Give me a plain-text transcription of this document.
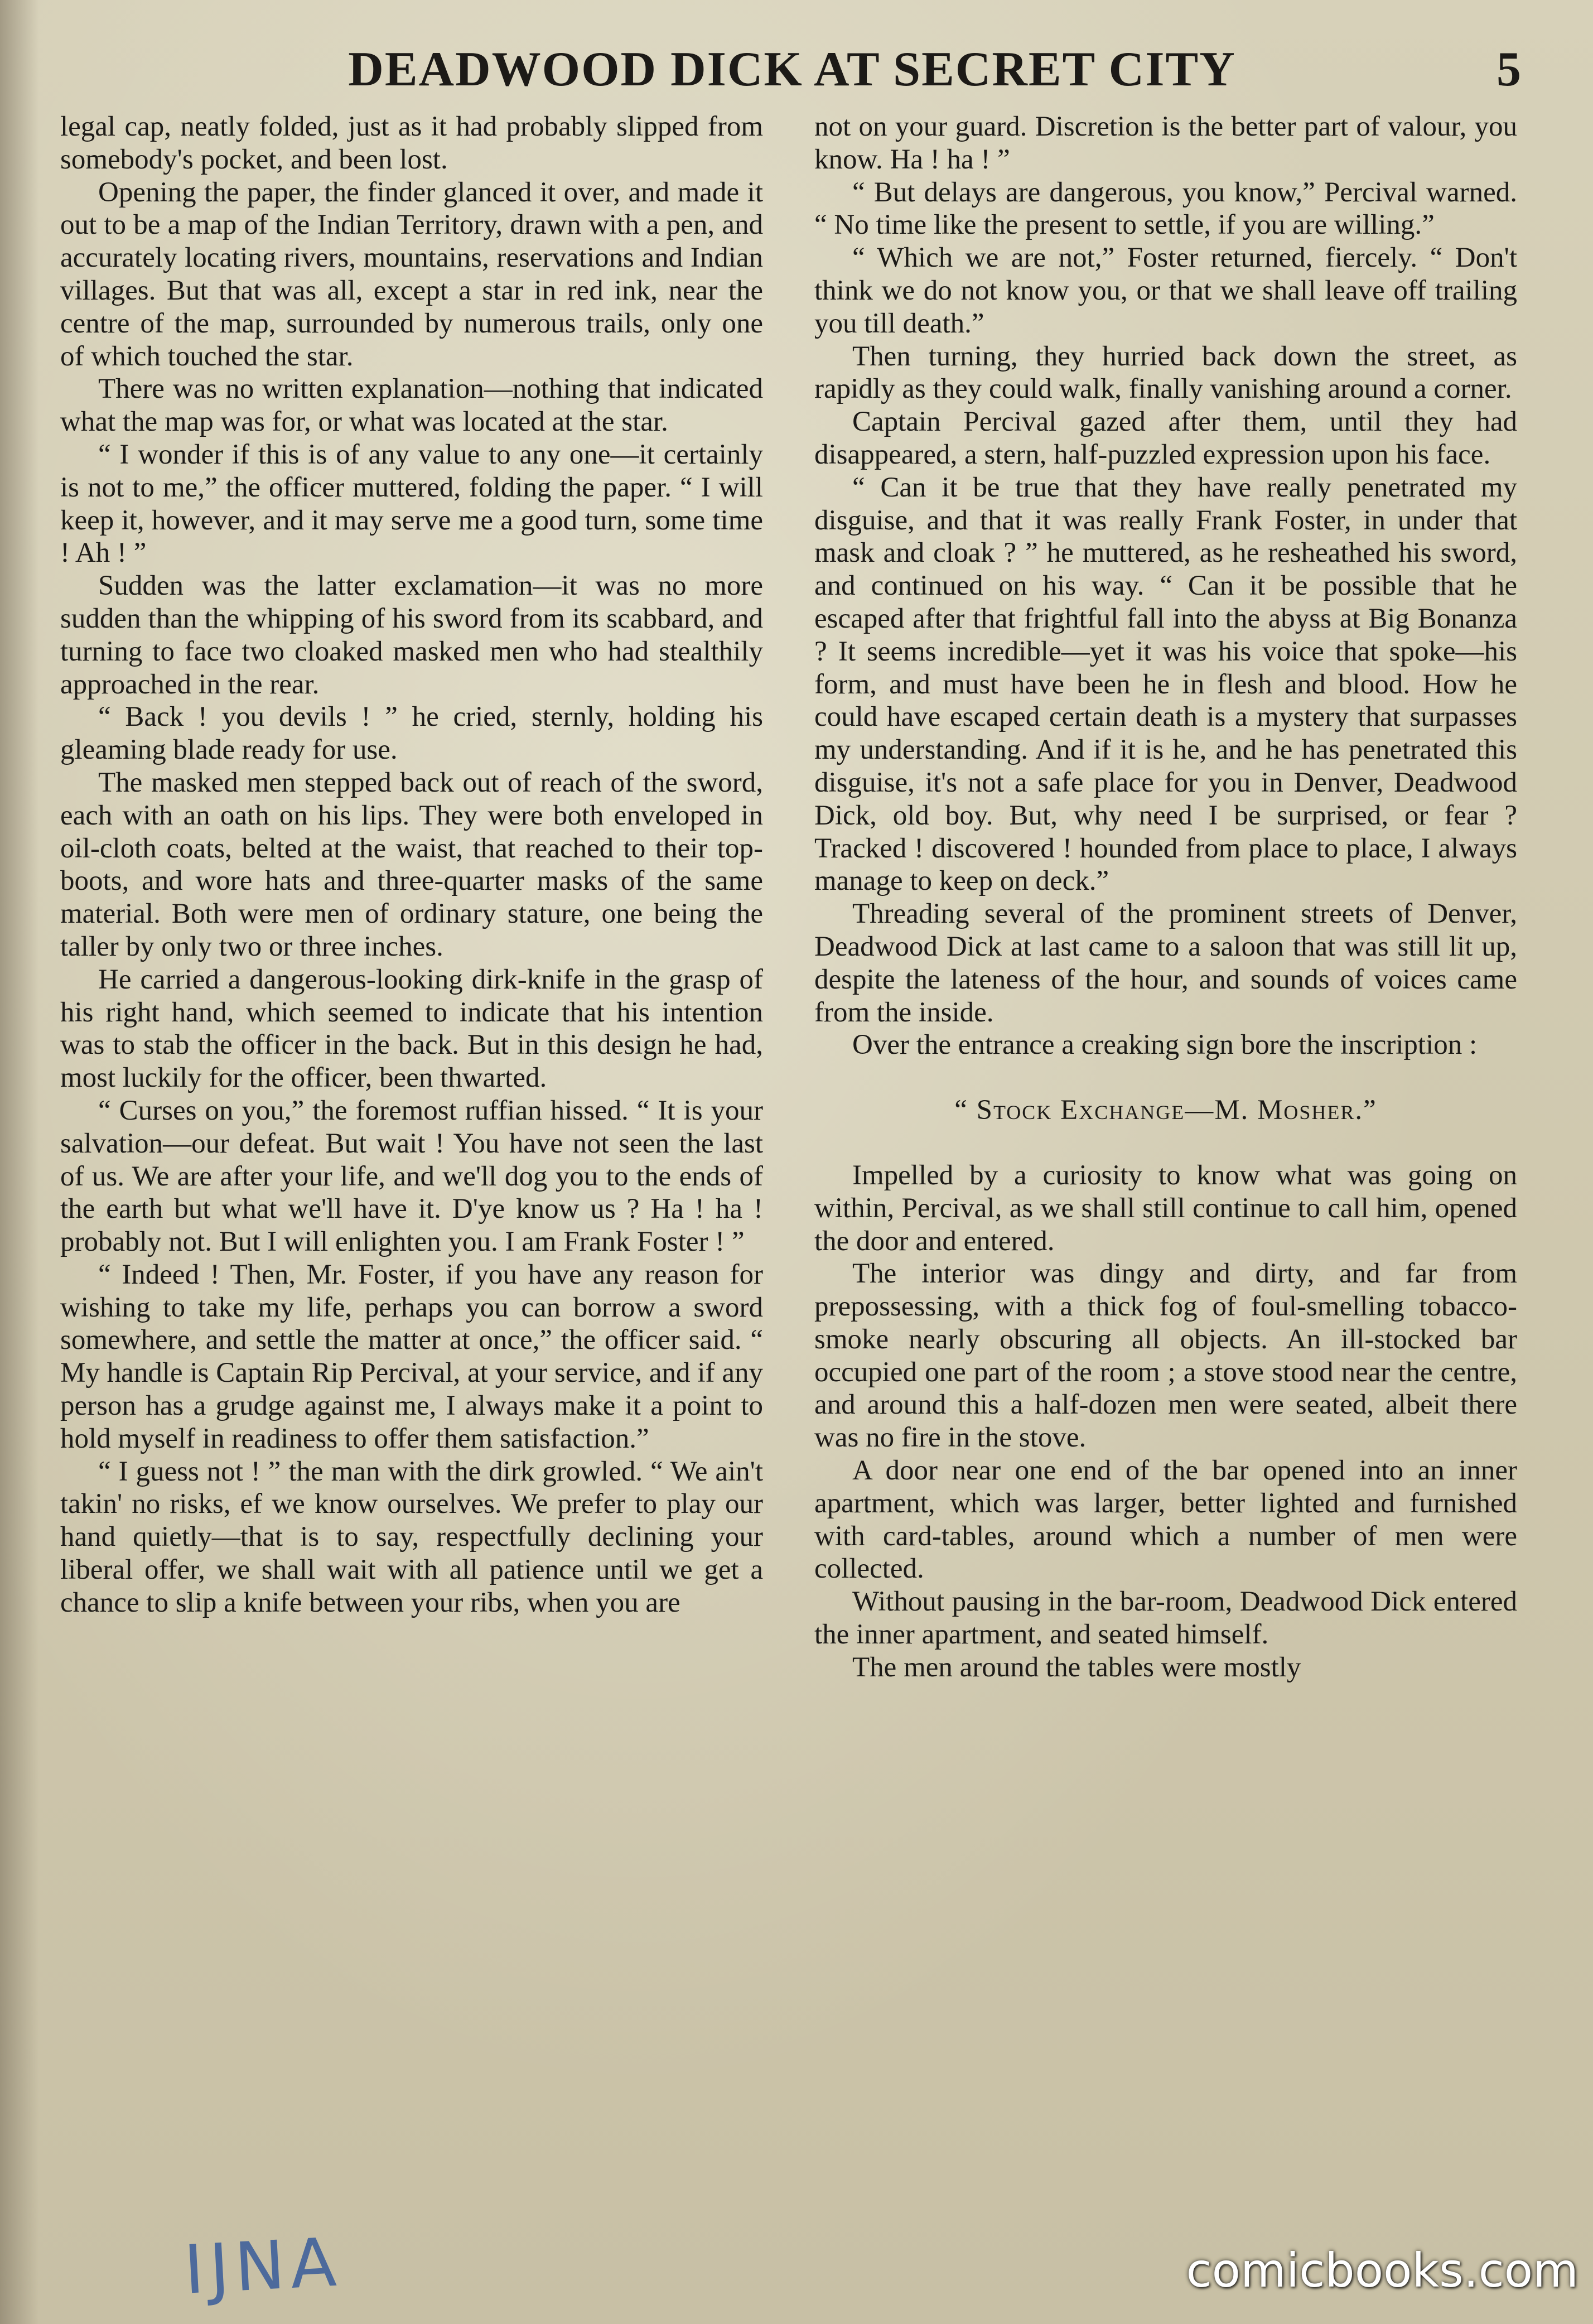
DEADWOOD DICK AT SECRET CITY	5

legal cap, neatly folded, just as it had probably slipped from somebody's pocket, and been lost.

Opening the paper, the finder glanced it over, and made it out to be a map of the Indian Territory, drawn with a pen, and accurately locating rivers, mountains, reservations and Indian villages. But that was all, except a star in red ink, near the centre of the map, surrounded by numerous trails, only one of which touched the star.

There was no written explanation—nothing that indicated what the map was for, or what was located at the star.

“ I wonder if this is of any value to any one—it certainly is not to me,” the officer muttered, folding the paper. “ I will keep it, however, and it may serve me a good turn, some time ! Ah ! ”

Sudden was the latter exclamation—it was no more sudden than the whipping of his sword from its scabbard, and turning to face two cloaked masked men who had stealthily approached in the rear.

“ Back ! you devils ! ” he cried, sternly, holding his gleaming blade ready for use.

The masked men stepped back out of reach of the sword, each with an oath on his lips. They were both enveloped in oil-cloth coats, belted at the waist, that reached to their top-boots, and wore hats and three-quarter masks of the same material. Both were men of ordinary stature, one being the taller by only two or three inches.

He carried a dangerous-looking dirk-knife in the grasp of his right hand, which seemed to indicate that his intention was to stab the officer in the back. But in this design he had, most luckily for the officer, been thwarted.

“ Curses on you,” the foremost ruffian hissed. “ It is your salvation—our defeat. But wait ! You have not seen the last of us. We are after your life, and we'll dog you to the ends of the earth but what we'll have it. D'ye know us ? Ha ! ha ! probably not. But I will enlighten you. I am Frank Foster ! ”

“ Indeed ! Then, Mr. Foster, if you have any reason for wishing to take my life, perhaps you can borrow a sword somewhere, and settle the matter at once,” the officer said. “ My handle is Captain Rip Percival, at your service, and if any person has a grudge against me, I always make it a point to hold myself in readiness to offer them satisfaction.”

“ I guess not ! ” the man with the dirk growled. “ We ain't takin' no risks, ef we know ourselves. We prefer to play our hand quietly—that is to say, respectfully declining your liberal offer, we shall wait with all patience until we get a chance to slip a knife between your ribs, when you are

not on your guard. Discretion is the better part of valour, you know. Ha ! ha ! ”

“ But delays are dangerous, you know,” Percival warned. “ No time like the present to settle, if you are willing.”

“ Which we are not,” Foster returned, fiercely. “ Don't think we do not know you, or that we shall leave off trailing you till death.”

Then turning, they hurried back down the street, as rapidly as they could walk, finally vanishing around a corner.

Captain Percival gazed after them, until they had disappeared, a stern, half-puzzled expression upon his face.

“ Can it be true that they have really penetrated my disguise, and that it was really Frank Foster, in under that mask and cloak ? ” he muttered, as he resheathed his sword, and continued on his way. “ Can it be possible that he escaped after that frightful fall into the abyss at Big Bonanza ? It seems incredible—yet it was his voice that spoke—his form, and must have been he in flesh and blood. How he could have escaped certain death is a mystery that surpasses my understanding. And if it is he, and he has penetrated this disguise, it's not a safe place for you in Denver, Deadwood Dick, old boy. But, why need I be surprised, or fear ? Tracked ! discovered ! hounded from place to place, I always manage to keep on deck.”

Threading several of the prominent streets of Denver, Deadwood Dick at last came to a saloon that was still lit up, despite the lateness of the hour, and sounds of voices came from the inside.

Over the entrance a creaking sign bore the inscription :

“ Stock Exchange—M. Mosher.”

Impelled by a curiosity to know what was going on within, Percival, as we shall still continue to call him, opened the door and entered.

The interior was dingy and dirty, and far from prepossessing, with a thick fog of foul-smelling tobacco-smoke nearly obscuring all objects. An ill-stocked bar occupied one part of the room ; a stove stood near the centre, and around this a half-dozen men were seated, albeit there was no fire in the stove.

A door near one end of the bar opened into an inner apartment, which was larger, better lighted and furnished with card-tables, around which a number of men were collected.

Without pausing in the bar-room, Deadwood Dick entered the inner apartment, and seated himself.

The men around the tables were mostly

IJNA	comicbooks.com
